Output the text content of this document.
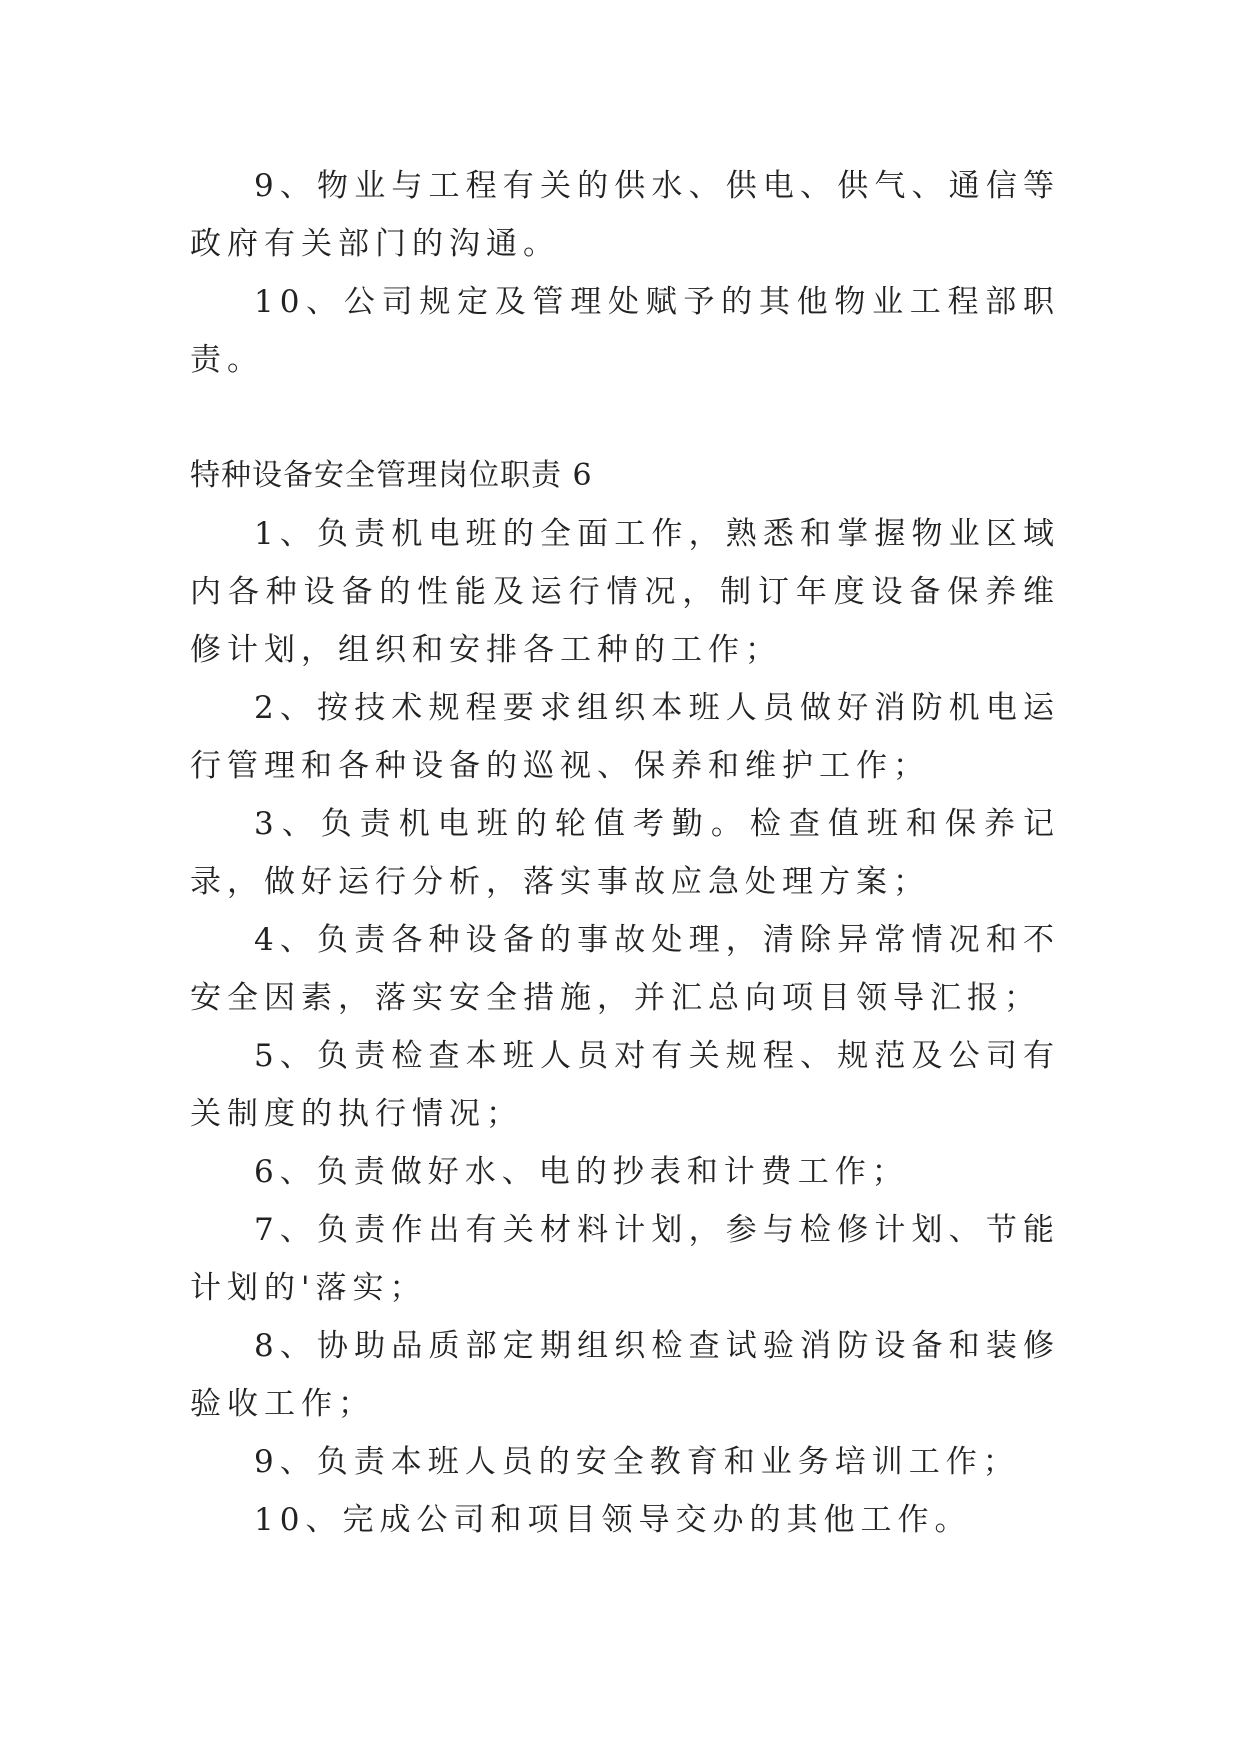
9、物业与工程有关的供水、供电、供气、通信等政府有关部门的沟通。

10、公司规定及管理处赋予的其他物业工程部职责。

特种设备安全管理岗位职责 6

1、负责机电班的全面工作，熟悉和掌握物业区域内各种设备的性能及运行情况，制订年度设备保养维修计划，组织和安排各工种的工作；

2、按技术规程要求组织本班人员做好消防机电运行管理和各种设备的巡视、保养和维护工作；

3、负责机电班的轮值考勤。检查值班和保养记录，做好运行分析，落实事故应急处理方案；

4、负责各种设备的事故处理，清除异常情况和不安全因素，落实安全措施，并汇总向项目领导汇报；

5、负责检查本班人员对有关规程、规范及公司有关制度的执行情况；

6、负责做好水、电的抄表和计费工作；

7、负责作出有关材料计划，参与检修计划、节能计划的'落实；

8、协助品质部定期组织检查试验消防设备和装修验收工作；

9、负责本班人员的安全教育和业务培训工作；

10、完成公司和项目领导交办的其他工作。
